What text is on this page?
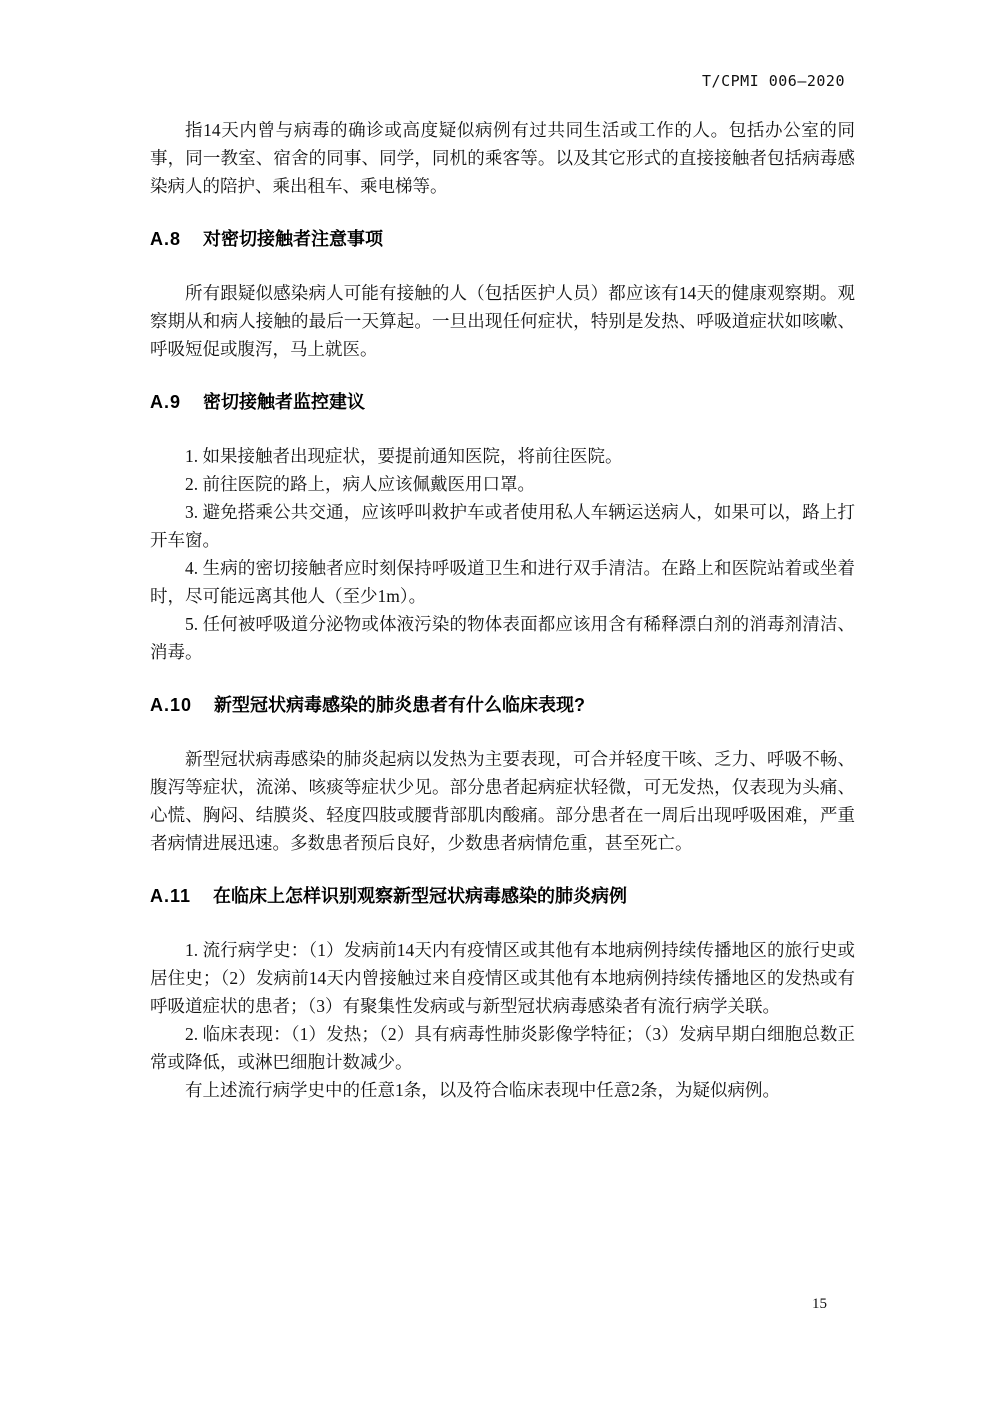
T/CPMI 006—2020

指14天内曾与病毒的确诊或高度疑似病例有过共同生活或工作的人。包括办公室的同事，同一教室、宿舍的同事、同学，同机的乘客等。以及其它形式的直接接触者包括病毒感染病人的陪护、乘出租车、乘电梯等。

A.8 对密切接触者注意事项

所有跟疑似感染病人可能有接触的人（包括医护人员）都应该有14天的健康观察期。观察期从和病人接触的最后一天算起。一旦出现任何症状，特别是发热、呼吸道症状如咳嗽、呼吸短促或腹泻，马上就医。

A.9 密切接触者监控建议

1. 如果接触者出现症状，要提前通知医院，将前往医院。

2. 前往医院的路上，病人应该佩戴医用口罩。

3. 避免搭乘公共交通，应该呼叫救护车或者使用私人车辆运送病人，如果可以，路上打开车窗。

4. 生病的密切接触者应时刻保持呼吸道卫生和进行双手清洁。在路上和医院站着或坐着时，尽可能远离其他人（至少1m）。

5. 任何被呼吸道分泌物或体液污染的物体表面都应该用含有稀释漂白剂的消毒剂清洁、消毒。

A.10 新型冠状病毒感染的肺炎患者有什么临床表现?

新型冠状病毒感染的肺炎起病以发热为主要表现，可合并轻度干咳、乏力、呼吸不畅、腹泻等症状，流涕、咳痰等症状少见。部分患者起病症状轻微，可无发热，仅表现为头痛、心慌、胸闷、结膜炎、轻度四肢或腰背部肌肉酸痛。部分患者在一周后出现呼吸困难，严重者病情进展迅速。多数患者预后良好，少数患者病情危重，甚至死亡。

A.11 在临床上怎样识别观察新型冠状病毒感染的肺炎病例

1. 流行病学史：（1）发病前14天内有疫情区或其他有本地病例持续传播地区的旅行史或居住史；（2）发病前14天内曾接触过来自疫情区或其他有本地病例持续传播地区的发热或有呼吸道症状的患者；（3）有聚集性发病或与新型冠状病毒感染者有流行病学关联。

2. 临床表现：（1）发热；（2）具有病毒性肺炎影像学特征；（3）发病早期白细胞总数正常或降低，或淋巴细胞计数减少。

有上述流行病学史中的任意1条，以及符合临床表现中任意2条，为疑似病例。

15
